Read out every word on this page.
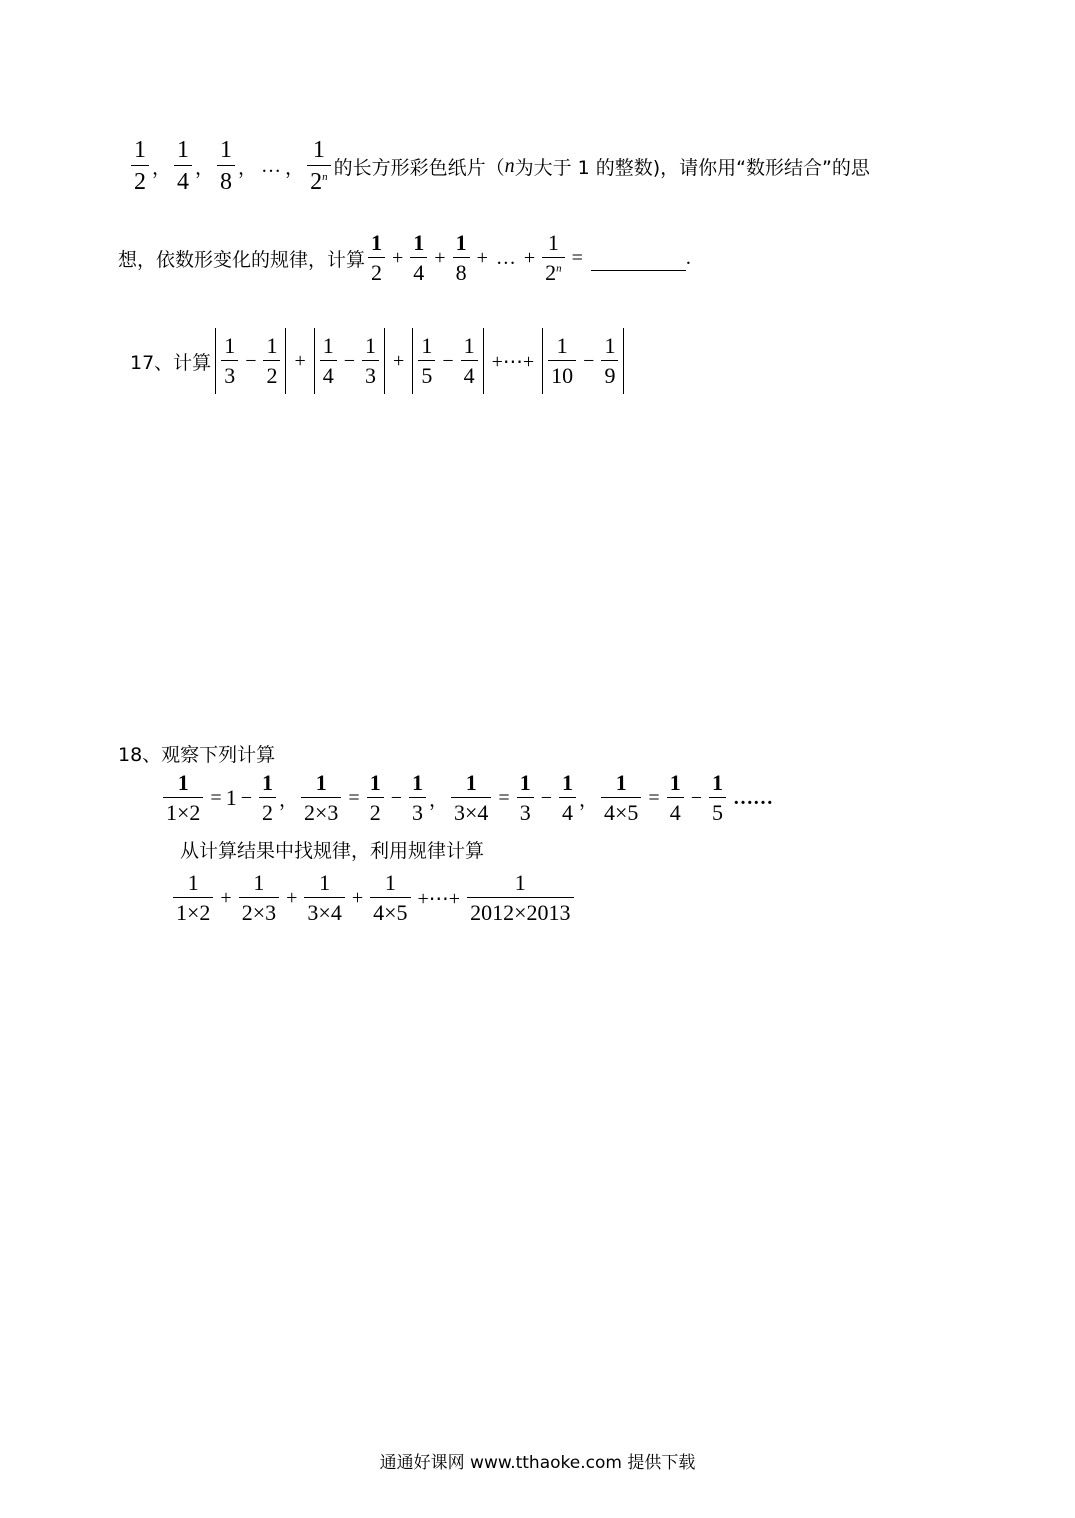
$\frac{1}{2}$ ， $\frac{1}{4}$ ， $\frac{1}{8}$ ， … ， $\frac{1}{2^n}$ 的长方形彩色纸片（ n 为大于 1 的整数)，请你用“数形结合”的思
想，依数形变化的规律，计算 $\frac{1}{2} + \frac{1}{4} + \frac{1}{8}$ + … + $\frac{1}{2^n}$ =	.
17、计算 $\frac{1}{3} - \frac{1}{2} + \frac{1}{4} - \frac{1}{3} + \frac{1}{5} - \frac{1}{4}$ +⋯+ $\frac{1}{10} - \frac{1}{9}$
18、观察下列计算
$\frac{1}{1\times 2} = 1 - \frac{1}{2}$ ， $\frac{1}{2\times 3} = \frac{1}{2} - \frac{1}{3}$ ， $\frac{1}{3\times 4} = \frac{1}{3} - \frac{1}{4}$ ， $\frac{1}{4\times 5} = \frac{1}{4} - \frac{1}{5}$ ……
从计算结果中找规律，利用规律计算
$\frac{1}{1\times 2} + \frac{1}{2\times 3} + \frac{1}{3\times 4} + \frac{1}{4\times 5}$ +⋯+ $\frac{1}{2012\times 2013}$
通通好课网 www.tthaoke.com 提供下载
